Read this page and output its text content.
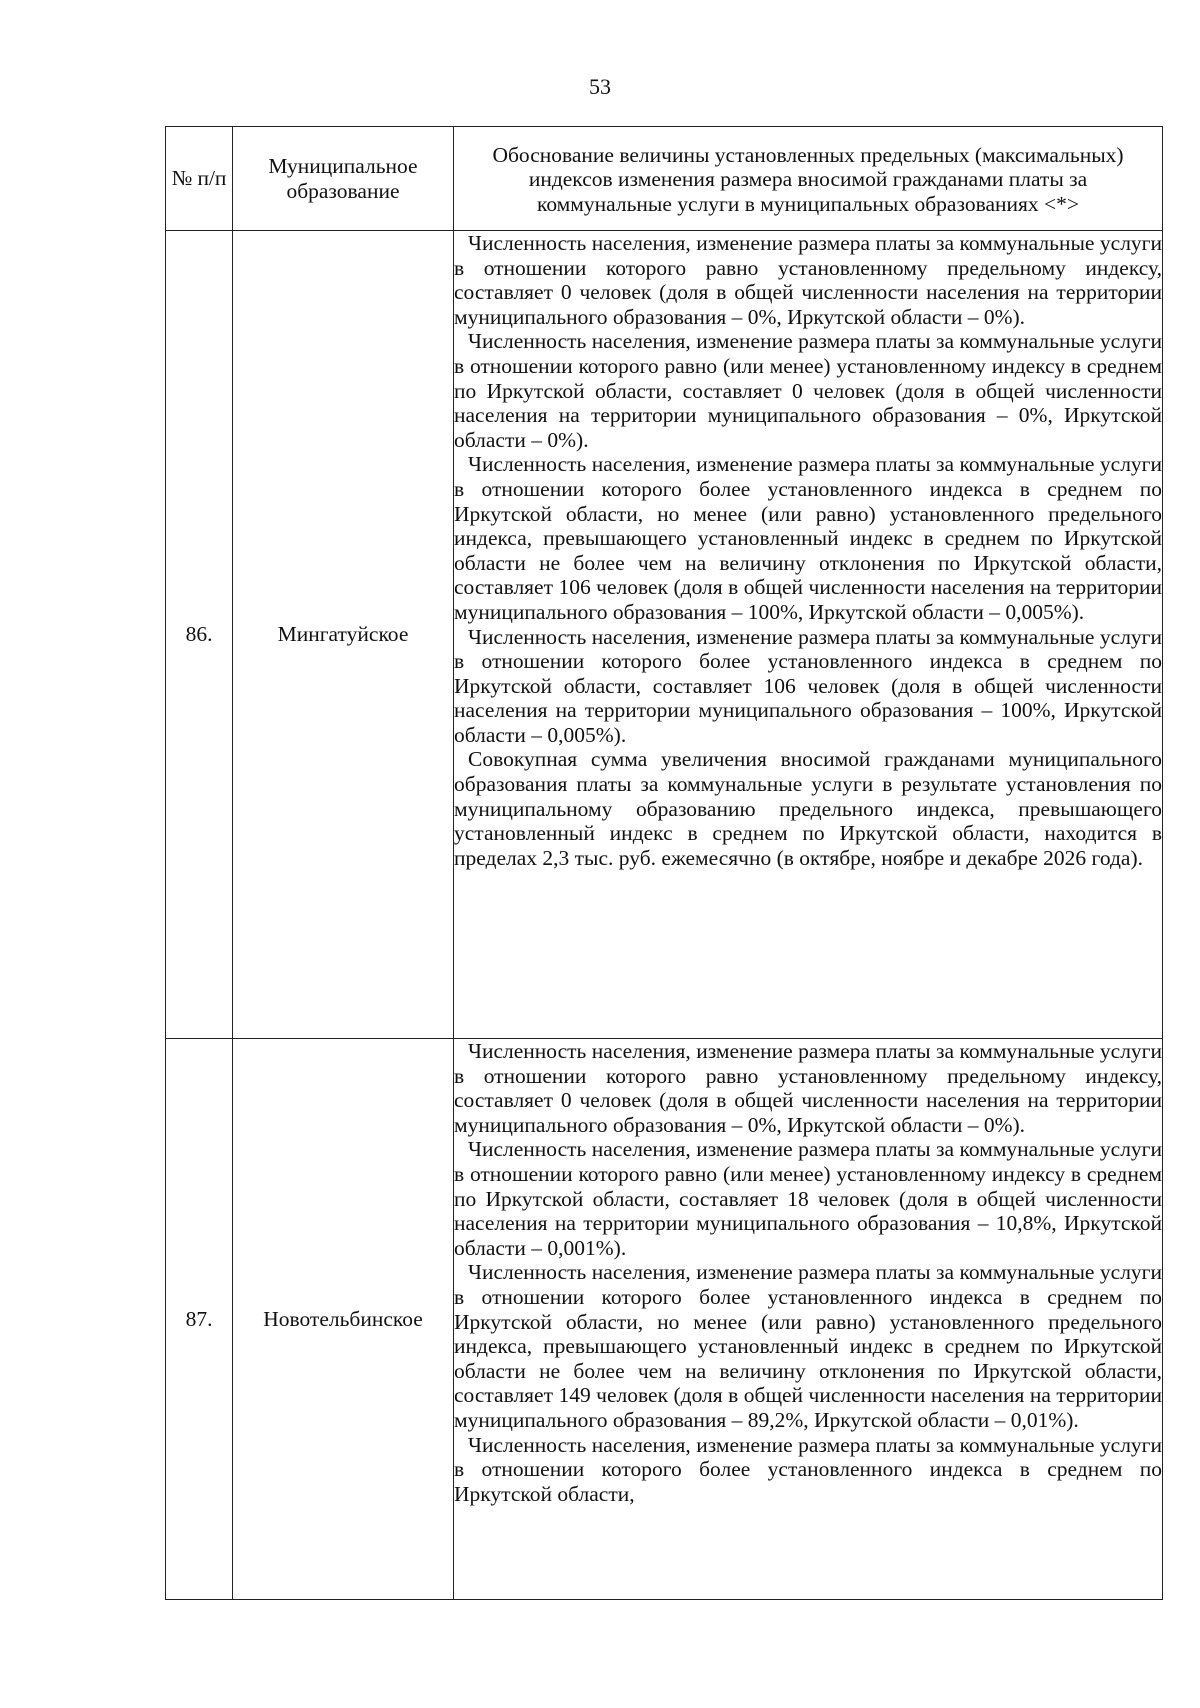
53
№ п/п	Муниципальное образование	Обоснование величины установленных предельных (максимальных) индексов изменения размера вносимой гражданами платы за коммунальные услуги в муниципальных образованиях <*>
86.	Мингатуйское	Численность населения, изменение размера платы за коммунальные услуги в отношении которого равно установленному предельному индексу, составляет 0 человек (доля в общей численности населения на территории муниципального образования – 0%, Иркутской области – 0%).

Численность населения, изменение размера платы за коммунальные услуги в отношении которого равно (или менее) установленному индексу в среднем по Иркутской области, составляет 0 человек (доля в общей численности населения на территории муниципального образования – 0%, Иркутской области – 0%).

Численность населения, изменение размера платы за коммунальные услуги в отношении которого более установленного индекса в среднем по Иркутской области, но менее (или равно) установленного предельного индекса, превышающего установленный индекс в среднем по Иркутской области не более чем на величину отклонения по Иркутской области, составляет 106 человек (доля в общей численности населения на территории муниципального образования – 100%, Иркутской области – 0,005%).

Численность населения, изменение размера платы за коммунальные услуги в отношении которого более установленного индекса в среднем по Иркутской области, составляет 106 человек (доля в общей численности населения на территории муниципального образования – 100%, Иркутской области – 0,005%).

Совокупная сумма увеличения вносимой гражданами муниципального образования платы за коммунальные услуги в результате установления по муниципальному образованию предельного индекса, превышающего установленный индекс в среднем по Иркутской области, находится в пределах 2,3 тыс. руб. ежемесячно (в октябре, ноябре и декабре 2026 года).

87.	Новотельбинское	Численность населения, изменение размера платы за коммунальные услуги в отношении которого равно установленному предельному индексу, составляет 0 человек (доля в общей численности населения на территории муниципального образования – 0%, Иркутской области – 0%).

Численность населения, изменение размера платы за коммунальные услуги в отношении которого равно (или менее) установленному индексу в среднем по Иркутской области, составляет 18 человек (доля в общей численности населения на территории муниципального образования – 10,8%, Иркутской области – 0,001%).

Численность населения, изменение размера платы за коммунальные услуги в отношении которого более установленного индекса в среднем по Иркутской области, но менее (или равно) установленного предельного индекса, превышающего установленный индекс в среднем по Иркутской области не более чем на величину отклонения по Иркутской области, составляет 149 человек (доля в общей численности населения на территории муниципального образования – 89,2%, Иркутской области – 0,01%).

Численность населения, изменение размера платы за коммунальные услуги в отношении которого более установленного индекса в среднем по Иркутской области,
